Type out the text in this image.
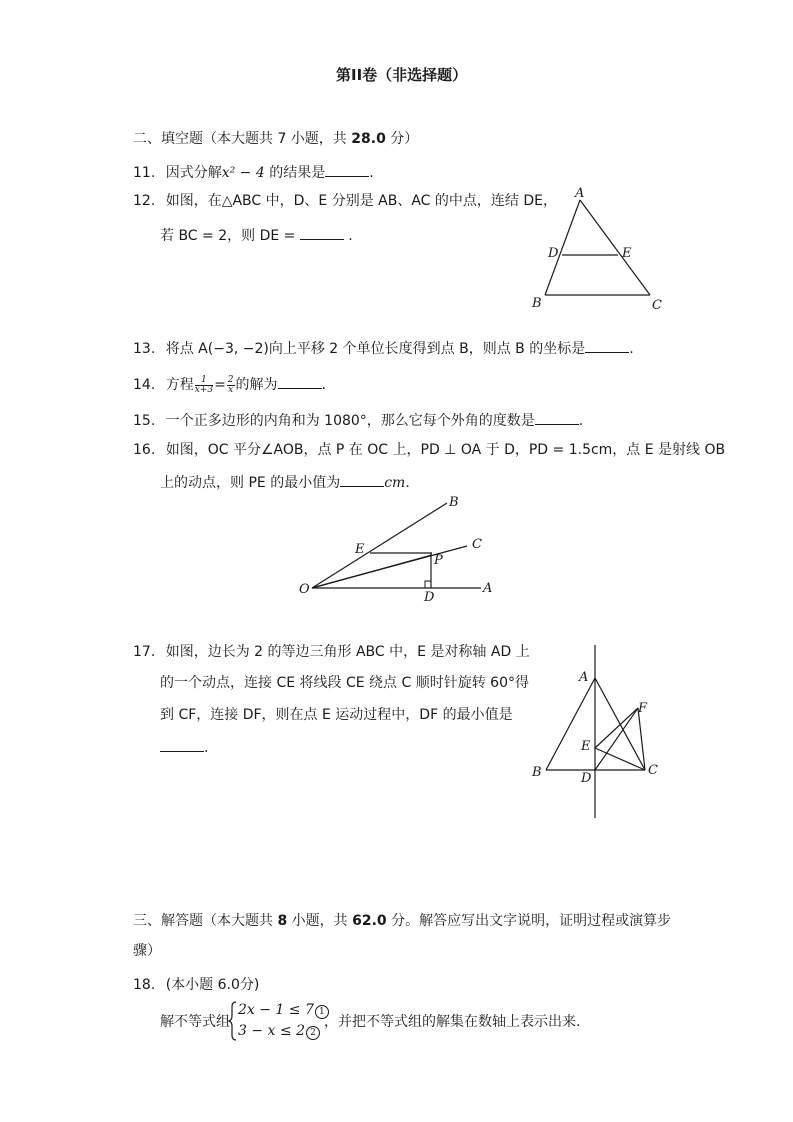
第II卷（非选择题）
二、填空题（本大题共 7 小题，共 28.0 分）
11. 因式分解x² − 4 的结果是	.
12. 如图，在△ABC 中，D、E 分别是 AB、AC 的中点，连结 DE，
若 BC = 2，则 DE =	.
A
B	C
D	E
13. 将点 A(−3, −2)向上平移 2 个单位长度得到点 B，则点 B 的坐标是	.
14. 方程 $\frac{1}{x+3} = \frac{2}{x}$ 的解为	.
15. 一个正多边形的内角和为 1080°，那么它每个外角的度数是	.
16. 如图，OC 平分∠AOB，点 P 在 OC 上，PD ⊥ OA 于 D，PD = 1.5cm，点 E 是射线 OB
上的动点，则 PE 的最小值为	cm.
O	A
B
C
D
E
P
17. 如图，边长为 2 的等边三角形 ABC 中，E 是对称轴 AD 上
的一个动点，连接 CE 将线段 CE 绕点 C 顺时针旋转 60°得
到 CF，连接 DF，则在点 E 运动过程中，DF 的最小值是
.
A
B	C
D
E
F
三、解答题（本大题共 8 小题，共 62.0 分。解答应写出文字说明，证明过程或演算步
骤）
18. (本小题 6.0分)
解不等式组
2x − 1 ≤ 7 1
3 − x ≤ 2 2
，并把不等式组的解集在数轴上表示出来.
